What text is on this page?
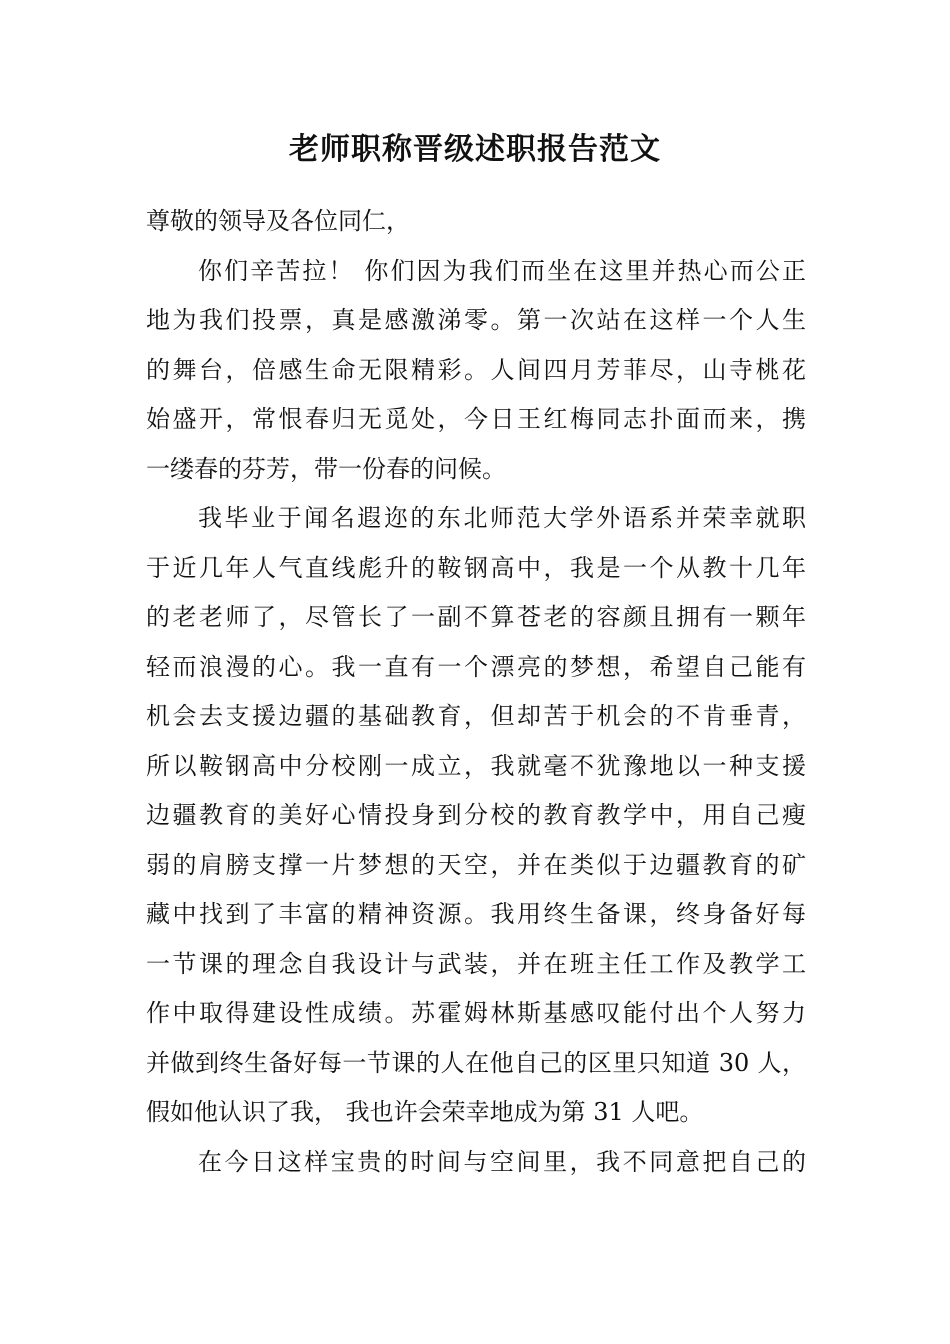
老师职称晋级述职报告范文
尊敬的领导及各位同仁，
你们辛苦拉！ 你们因为我们而坐在这里并热心而公正
地为我们投票，真是感激涕零。第一次站在这样一个人生
的舞台，倍感生命无限精彩。人间四月芳菲尽，山寺桃花
始盛开，常恨春归无觅处，今日王红梅同志扑面而来，携
一缕春的芬芳，带一份春的问候。
我毕业于闻名遐迩的东北师范大学外语系并荣幸就职
于近几年人气直线彪升的鞍钢高中，我是一个从教十几年
的老老师了，尽管长了一副不算苍老的容颜且拥有一颗年
轻而浪漫的心。我一直有一个漂亮的梦想，希望自己能有
机会去支援边疆的基础教育，但却苦于机会的不肯垂青，
所以鞍钢高中分校刚一成立，我就毫不犹豫地以一种支援
边疆教育的美好心情投身到分校的教育教学中，用自己瘦
弱的肩膀支撑一片梦想的天空，并在类似于边疆教育的矿
藏中找到了丰富的精神资源。我用终生备课，终身备好每
一节课的理念自我设计与武装，并在班主任工作及教学工
作中取得建设性成绩。苏霍姆林斯基感叹能付出个人努力
并做到终生备好每一节课的人在他自己的区里只知道 30 人，
假如他认识了我， 我也许会荣幸地成为第 31 人吧。
在今日这样宝贵的时间与空间里，我不同意把自己的
